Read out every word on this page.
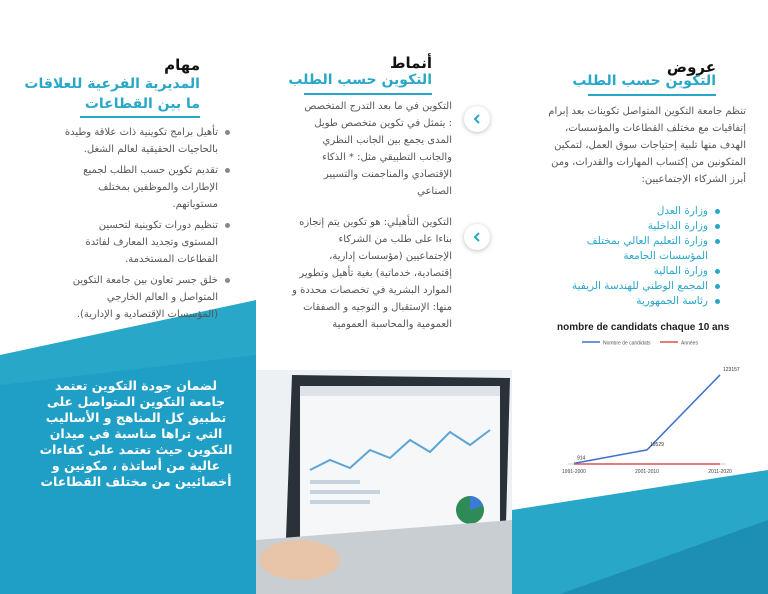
عروض
التكوين حسب الطلب
تنظم جامعة التكوين المتواصل تكوينات بعد إبرام إتفاقيات مع مختلف القطاعات والمؤسسات، الهدف منها تلبية إحتياجات سوق العمل، لتمكين المتكونين من إكتساب المهارات والقدرات، ومن أبرز الشركاء الإجتماعيين:
وزارة العدل
وزارة الداخلية
وزارة التعليم العالي بمختلف المؤسسات الجامعة
وزارة المالية
المجمع الوطني للهندسة الريفية
رئاسة الجمهورية
nombre de candidats chaque 10 ans
Nombre de candidats	Années
914
19529
123157
1991-2000	2001-2010	2011-2020
أنماط
التكوين حسب الطلب
التكوين في ما بعد التدرج المتخصص : يتمثل في تكوين متخصص طويل المدى يجمع بين الجانب النظري والجانب التطبيقي مثل: * الذكاء الإقتصادي والمناجمنت والتسيير الصناعي
التكوين التأهيلي: هو تكوين يتم إنجازه بناءا على طلب من الشركاء الإجتماعيين (مؤسسات إدارية، إقتصادية، خدماتية) بغية تأهيل وتطوير الموارد البشرية في تخصصات محددة و منها: الإستقبال و التوجيه و الصفقات العمومية والمحاسبة العمومية
مهام
المديرية الفرعية للعلاقات
ما بين القطاعات
تأهيل برامج تكوينية ذات علاقة وطيدة بالحاجيات الحقيقية لعالم الشغل.
تقديم تكوين حسب الطلب لجميع الإطارات والموظفين بمختلف مستوياتهم.
تنظيم دورات تكوينية لتحسين المستوى وتجديد المعارف لفائدة القطاعات المستخدمة.
خلق جسر تعاون بين جامعة التكوين المتواصل و العالم الخارجي (المؤسسات الإقتصادية و الإدارية).
لضمان جودة التكوين تعتمد جامعة التكوين المتواصل على تطبيق كل المناهج و الأساليب التي تراها مناسبة في ميدان التكوين حيث تعتمد على كفاءات عالية من أساتذة ، مكونين و أخصائيين من مختلف القطاعات
